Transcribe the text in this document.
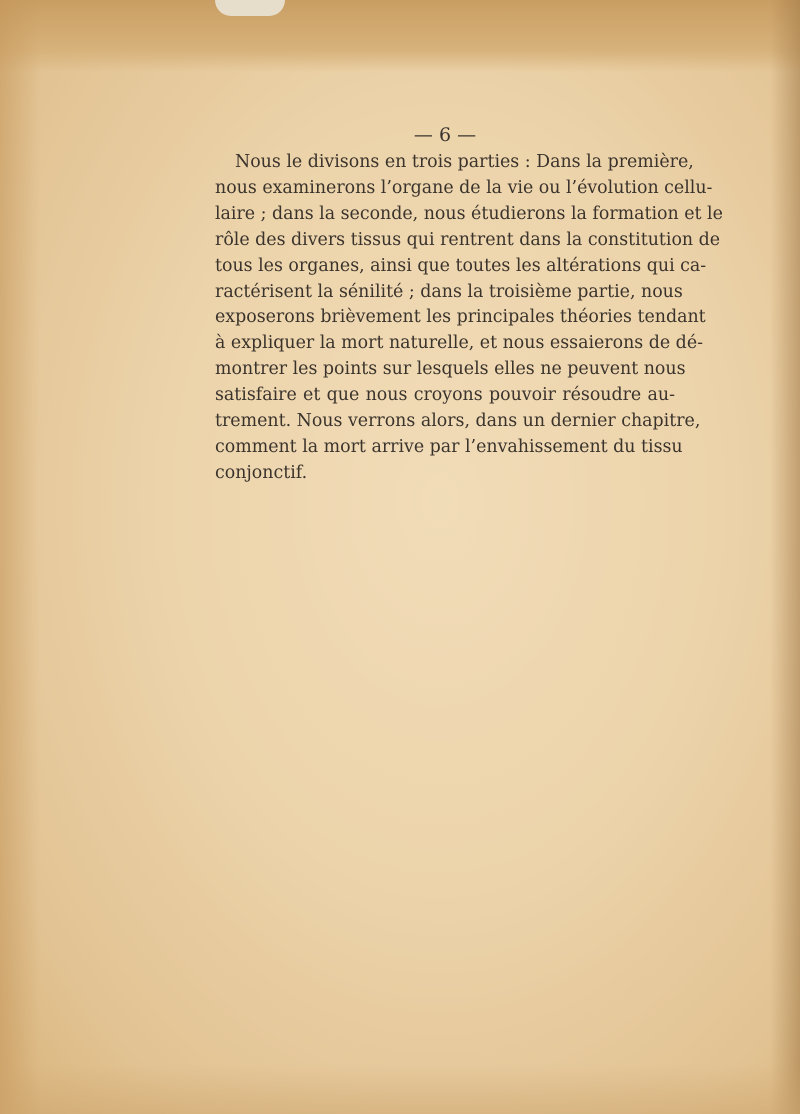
— 6 —
Nous le divisons en trois parties : Dans la première,
nous examinerons l’organe de la vie ou l’évolution cellu-
laire ; dans la seconde, nous étudierons la formation et le
rôle des divers tissus qui rentrent dans la constitution de
tous les organes, ainsi que toutes les altérations qui ca-
ractérisent la sénilité ; dans la troisième partie, nous
exposerons brièvement les principales théories tendant
à expliquer la mort naturelle, et nous essaierons de dé-
montrer les points sur lesquels elles ne peuvent nous
satisfaire et que nous croyons pouvoir résoudre au-
trement. Nous verrons alors, dans un dernier chapitre,
comment la mort arrive par l’envahissement du tissu
conjonctif.
